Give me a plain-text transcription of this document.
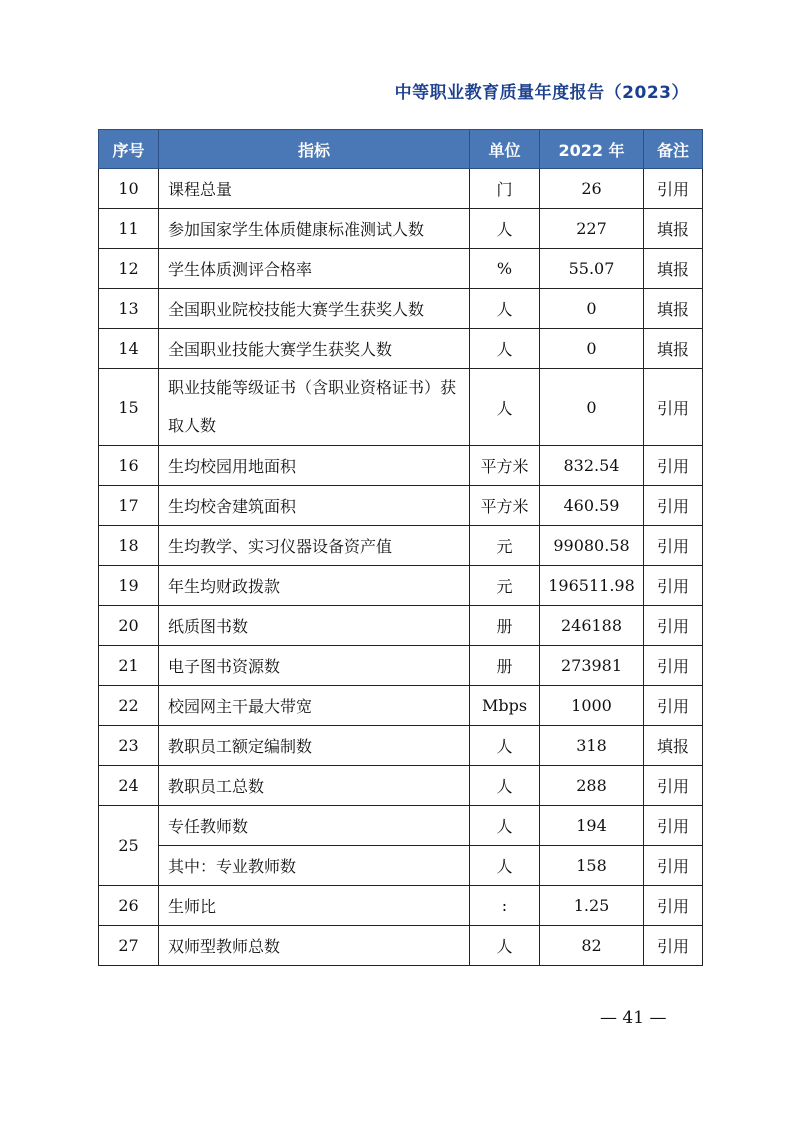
中等职业教育质量年度报告（2023）
序号	指标	单位	2022 年	备注
10	课程总量	门	26	引用
11	参加国家学生体质健康标准测试人数	人	227	填报
12	学生体质测评合格率	%	55.07	填报
13	全国职业院校技能大赛学生获奖人数	人	0	填报
14	全国职业技能大赛学生获奖人数	人	0	填报
15	职业技能等级证书（含职业资格证书）获取人数	人	0	引用
16	生均校园用地面积	平方米	832.54	引用
17	生均校舍建筑面积	平方米	460.59	引用
18	生均教学、实习仪器设备资产值	元	99080.58	引用
19	年生均财政拨款	元	196511.98	引用
20	纸质图书数	册	246188	引用
21	电子图书资源数	册	273981	引用
22	校园网主干最大带宽	Mbps	1000	引用
23	教职员工额定编制数	人	318	填报
24	教职员工总数	人	288	引用
25	专任教师数	人	194	引用
	其中：专业教师数	人	158	引用
26	生师比	:	1.25	引用
27	双师型教师总数	人	82	引用
— 41 —
